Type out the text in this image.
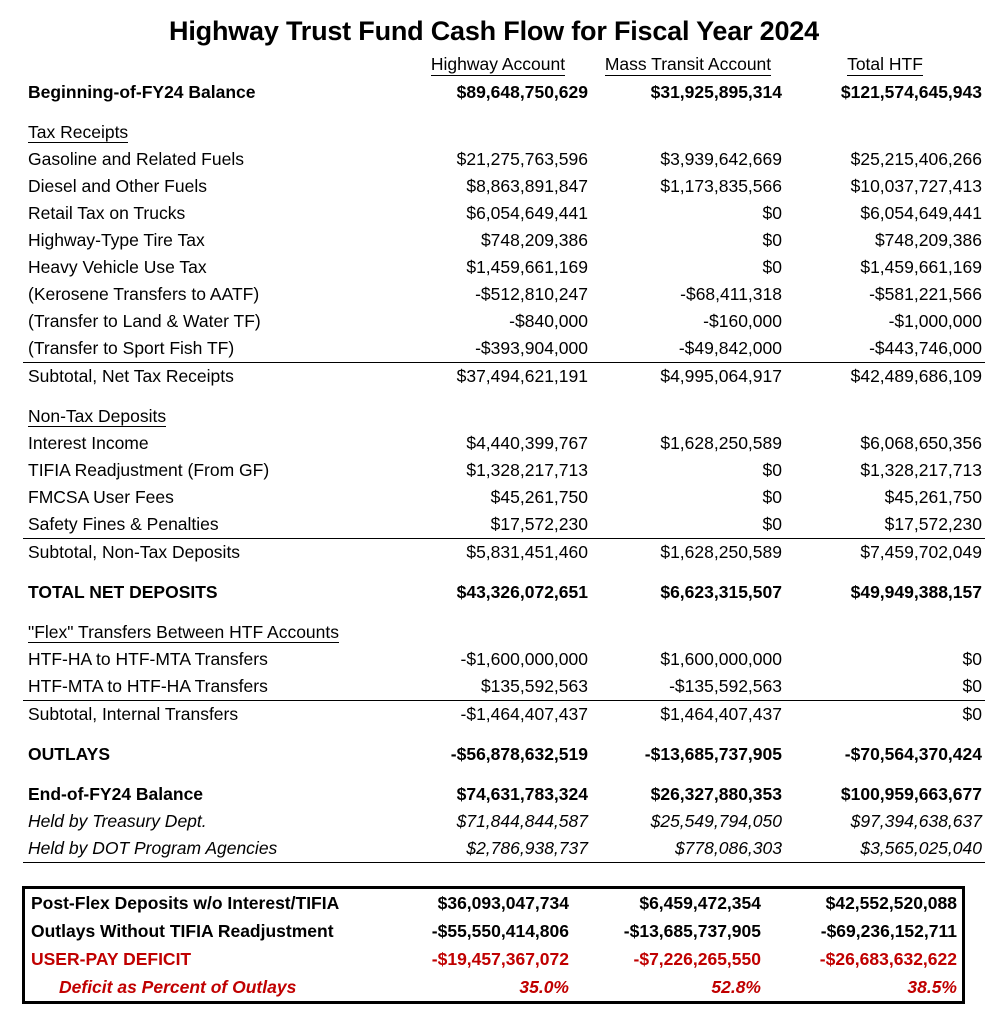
Highway Trust Fund Cash Flow for Fiscal Year 2024
	Highway Account	Mass Transit Account	Total HTF
Beginning-of-FY24 Balance	$89,648,750,629	$31,925,895,314	$121,574,645,943

Tax Receipts			
Gasoline and Related Fuels	$21,275,763,596	$3,939,642,669	$25,215,406,266
Diesel and Other Fuels	$8,863,891,847	$1,173,835,566	$10,037,727,413
Retail Tax on Trucks	$6,054,649,441	$0	$6,054,649,441
Highway-Type Tire Tax	$748,209,386	$0	$748,209,386
Heavy Vehicle Use Tax	$1,459,661,169	$0	$1,459,661,169
(Kerosene Transfers to AATF)	-$512,810,247	-$68,411,318	-$581,221,566
(Transfer to Land & Water TF)	-$840,000	-$160,000	-$1,000,000
(Transfer to Sport Fish TF)	-$393,904,000	-$49,842,000	-$443,746,000
Subtotal, Net Tax Receipts	$37,494,621,191	$4,995,064,917	$42,489,686,109

Non-Tax Deposits			
Interest Income	$4,440,399,767	$1,628,250,589	$6,068,650,356
TIFIA Readjustment (From GF)	$1,328,217,713	$0	$1,328,217,713
FMCSA User Fees	$45,261,750	$0	$45,261,750
Safety Fines & Penalties	$17,572,230	$0	$17,572,230
Subtotal, Non-Tax Deposits	$5,831,451,460	$1,628,250,589	$7,459,702,049

TOTAL NET DEPOSITS	$43,326,072,651	$6,623,315,507	$49,949,388,157

"Flex" Transfers Between HTF Accounts			
HTF-HA to HTF-MTA Transfers	-$1,600,000,000	$1,600,000,000	$0
HTF-MTA to HTF-HA Transfers	$135,592,563	-$135,592,563	$0
Subtotal, Internal Transfers	-$1,464,407,437	$1,464,407,437	$0

OUTLAYS	-$56,878,632,519	-$13,685,737,905	-$70,564,370,424

End-of-FY24 Balance	$74,631,783,324	$26,327,880,353	$100,959,663,677
Held by Treasury Dept.	$71,844,844,587	$25,549,794,050	$97,394,638,637
Held by DOT Program Agencies	$2,786,938,737	$778,086,303	$3,565,025,040

Post-Flex Deposits w/o Interest/TIFIA	$36,093,047,734	$6,459,472,354	$42,552,520,088
Outlays Without TIFIA Readjustment	-$55,550,414,806	-$13,685,737,905	-$69,236,152,711
USER-PAY DEFICIT	-$19,457,367,072	-$7,226,265,550	-$26,683,632,622
Deficit as Percent of Outlays	35.0%	52.8%	38.5%
